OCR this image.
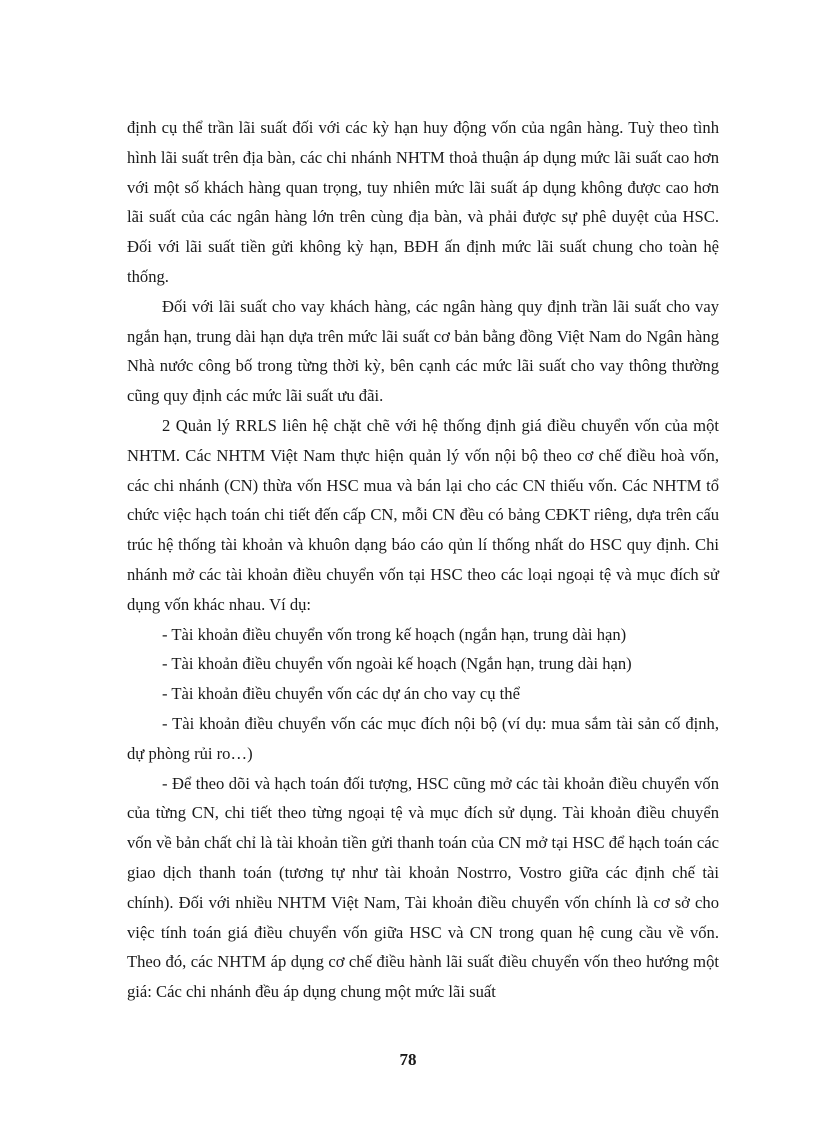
định cụ thể trần lãi suất đối với các kỳ hạn huy động vốn của ngân hàng. Tuỳ theo tình hình lãi suất trên địa bàn, các chi nhánh NHTM thoả thuận áp dụng mức lãi suất cao hơn với một số khách hàng quan trọng, tuy nhiên mức lãi suất áp dụng không được cao hơn lãi suất của các ngân hàng lớn trên cùng địa bàn, và phải được sự phê duyệt của HSC. Đối với lãi suất tiền gửi không kỳ hạn, BĐH ấn định mức lãi suất chung cho toàn hệ thống.

Đối với lãi suất cho vay khách hàng, các ngân hàng quy định trần lãi suất cho vay ngắn hạn, trung dài hạn dựa trên mức lãi suất cơ bản bằng đồng Việt Nam do Ngân hàng Nhà nước công bố trong từng thời kỳ, bên cạnh các mức lãi suất cho vay thông thường cũng quy định các mức lãi suất ưu đãi.

2 Quản lý RRLS liên hệ chặt chẽ với hệ thống định giá điều chuyển vốn của một NHTM. Các NHTM Việt Nam thực hiện quản lý vốn nội bộ theo cơ chế điều hoà vốn, các chi nhánh (CN) thừa vốn HSC mua và bán lại cho các CN thiếu vốn. Các NHTM tổ chức việc hạch toán chi tiết đến cấp CN, mỗi CN đều có bảng CĐKT riêng, dựa trên cấu trúc hệ thống tài khoản và khuôn dạng báo cáo qủn lí thống nhất do HSC quy định. Chi nhánh mở các tài khoản điều chuyển vốn tại HSC theo các loại ngoại tệ và mục đích sử dụng vốn khác nhau. Ví dụ:

- Tài khoản điều chuyển vốn trong kế hoạch (ngắn hạn, trung dài hạn)

- Tài khoản điều chuyển vốn ngoài kế hoạch (Ngắn hạn, trung dài hạn)

- Tài khoản điều chuyển vốn các dự án cho vay cụ thể

- Tài khoản điều chuyển vốn các mục đích nội bộ (ví dụ: mua sắm tài sản cố định, dự phòng rủi ro…)

- Để theo dõi và hạch toán đối tượng, HSC cũng mở các tài khoản điều chuyển vốn của từng CN, chi tiết theo từng ngoại tệ và mục đích sử dụng. Tài khoản điều chuyển vốn về bản chất chỉ là tài khoản tiền gửi thanh toán của CN mở tại HSC để hạch toán các giao dịch thanh toán (tương tự như tài khoản Nostrro, Vostro giữa các định chế tài chính). Đối với nhiều NHTM Việt Nam, Tài khoản điều chuyển vốn chính là cơ sở cho việc tính toán giá điều chuyển vốn giữa HSC và CN trong quan hệ cung cầu về vốn. Theo đó, các NHTM áp dụng cơ chế điều hành lãi suất điều chuyển vốn theo hướng một giá: Các chi nhánh đều áp dụng chung một mức lãi suất

78
